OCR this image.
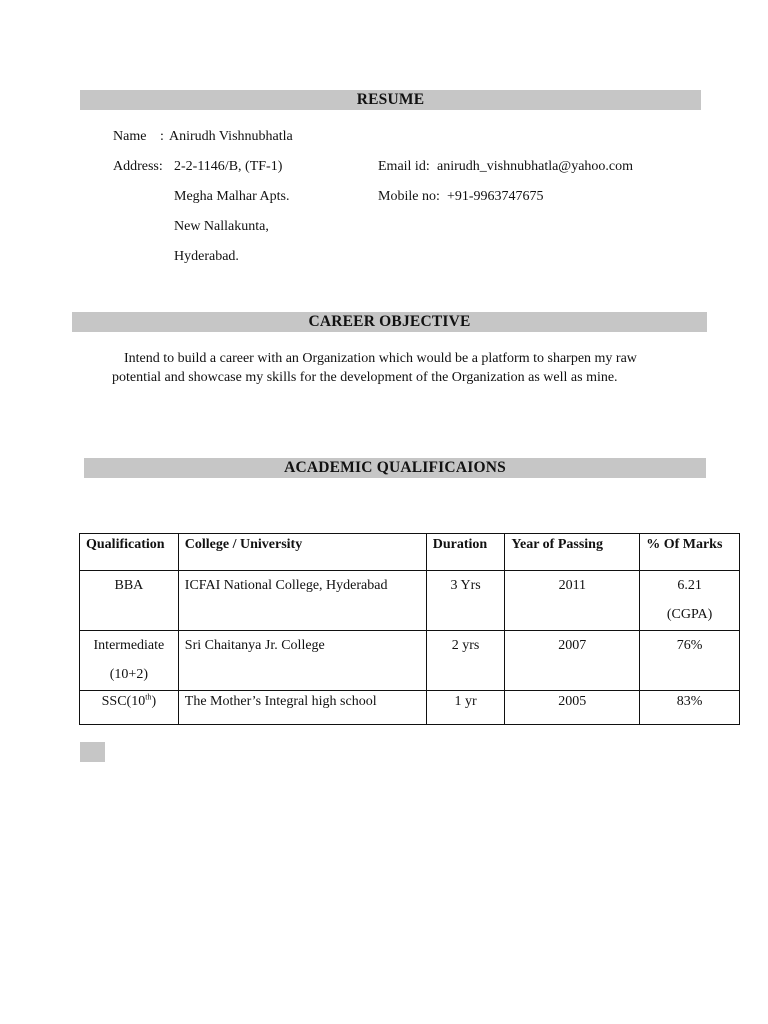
RESUME
Name : Anirudh Vishnubhatla
Address: 2-2-1146/B, (TF-1)
Megha Malhar Apts.
New Nallakunta,
Hyderabad.
Email id: anirudh_vishnubhatla@yahoo.com
Mobile no: +91-9963747675
CAREER OBJECTIVE
Intend to build a career with an Organization which would be a platform to sharpen my raw potential and showcase my skills for the development of the Organization as well as mine.
ACADEMIC QUALIFICAIONS
Qualification	College / University	Duration	Year of Passing	% Of Marks
BBA	ICFAI National College, Hyderabad	3 Yrs	2011	6.21
(CGPA)
Intermediate
(10+2)	Sri Chaitanya Jr. College	2 yrs	2007	76%
SSC(10th)	The Mother’s Integral high school	1 yr	2005	83%
